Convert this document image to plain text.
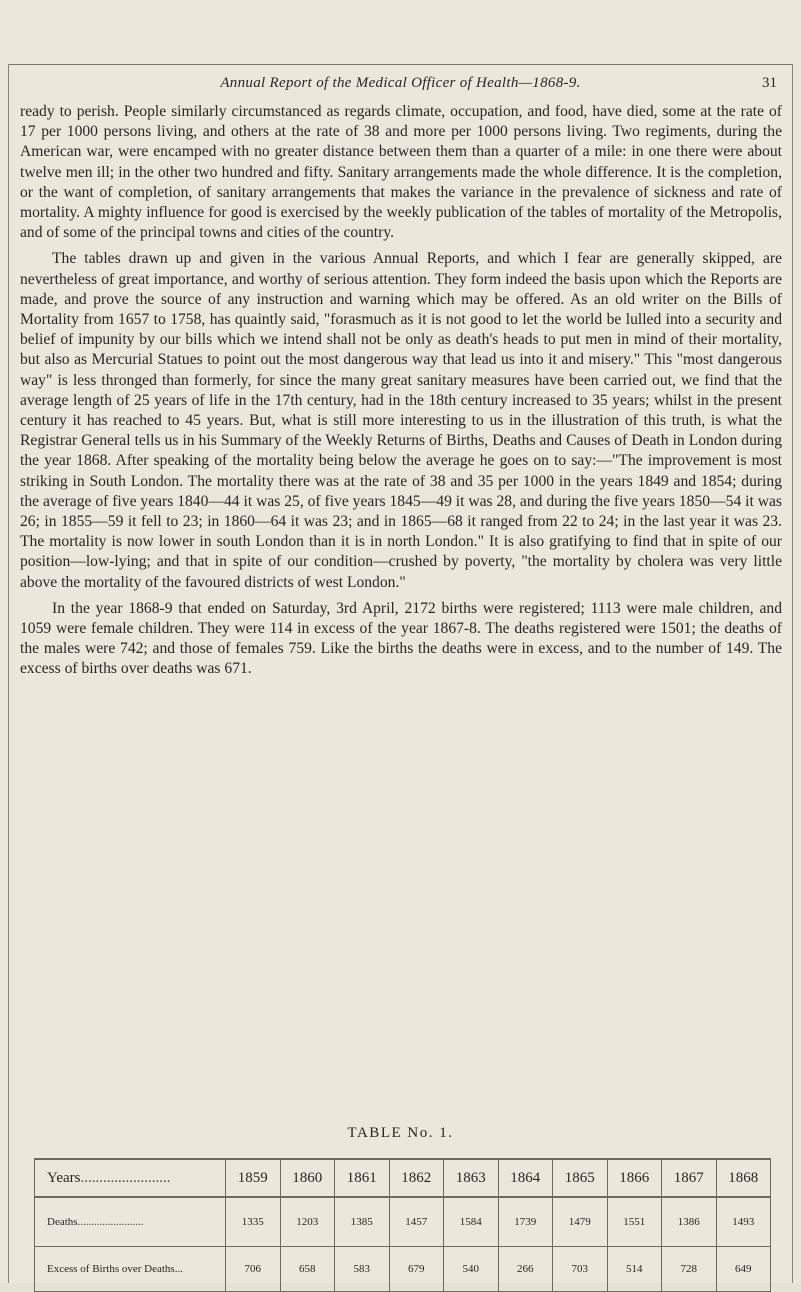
Annual Report of the Medical Officer of Health—1868-9.	31

ready to perish. People similarly circumstanced as regards climate, occupation, and food, have died, some at the rate of 17 per 1000 persons living, and others at the rate of 38 and more per 1000 persons living. Two regiments, during the American war, were encamped with no greater distance between them than a quarter of a mile: in one there were about twelve men ill; in the other two hundred and fifty. Sanitary arrangements made the whole difference. It is the completion, or the want of completion, of sanitary arrangements that makes the variance in the prevalence of sickness and rate of mortality. A mighty influence for good is exercised by the weekly publication of the tables of mortality of the Metropolis, and of some of the principal towns and cities of the country.

The tables drawn up and given in the various Annual Reports, and which I fear are generally skipped, are nevertheless of great importance, and worthy of serious attention. They form indeed the basis upon which the Reports are made, and prove the source of any instruction and warning which may be offered. As an old writer on the Bills of Mortality from 1657 to 1758, has quaintly said, "forasmuch as it is not good to let the world be lulled into a security and belief of impunity by our bills which we intend shall not be only as death's heads to put men in mind of their mortality, but also as Mercurial Statues to point out the most dangerous way that lead us into it and misery." This "most dangerous way" is less thronged than formerly, for since the many great sanitary measures have been carried out, we find that the average length of 25 years of life in the 17th century, had in the 18th century increased to 35 years; whilst in the present century it has reached to 45 years. But, what is still more interesting to us in the illustration of this truth, is what the Registrar General tells us in his Summary of the Weekly Returns of Births, Deaths and Causes of Death in London during the year 1868. After speaking of the mortality being below the average he goes on to say:—"The improvement is most striking in South London. The mortality there was at the rate of 38 and 35 per 1000 in the years 1849 and 1854; during the average of five years 1840—44 it was 25, of five years 1845—49 it was 28, and during the five years 1850—54 it was 26; in 1855—59 it fell to 23; in 1860—64 it was 23; and in 1865—68 it ranged from 22 to 24; in the last year it was 23. The mortality is now lower in south London than it is in north London." It is also gratifying to find that in spite of our position—low-lying; and that in spite of our condition—crushed by poverty, "the mortality by cholera was very little above the mortality of the favoured districts of west London."

In the year 1868-9 that ended on Saturday, 3rd April, 2172 births were registered; 1113 were male children, and 1059 were female children. They were 114 in excess of the year 1867-8. The deaths registered were 1501; the deaths of the males were 742; and those of females 759. Like the births the deaths were in excess, and to the number of 149. The excess of births over deaths was 671.

TABLE No. 1.
Years........................	1859	1860	1861	1862	1863	1864	1865	1866	1867	1868
Deaths........................	1335	1203	1385	1457	1584	1739	1479	1551	1386	1493
Excess of Births over Deaths...	706	658	583	679	540	266	703	514	728	649
